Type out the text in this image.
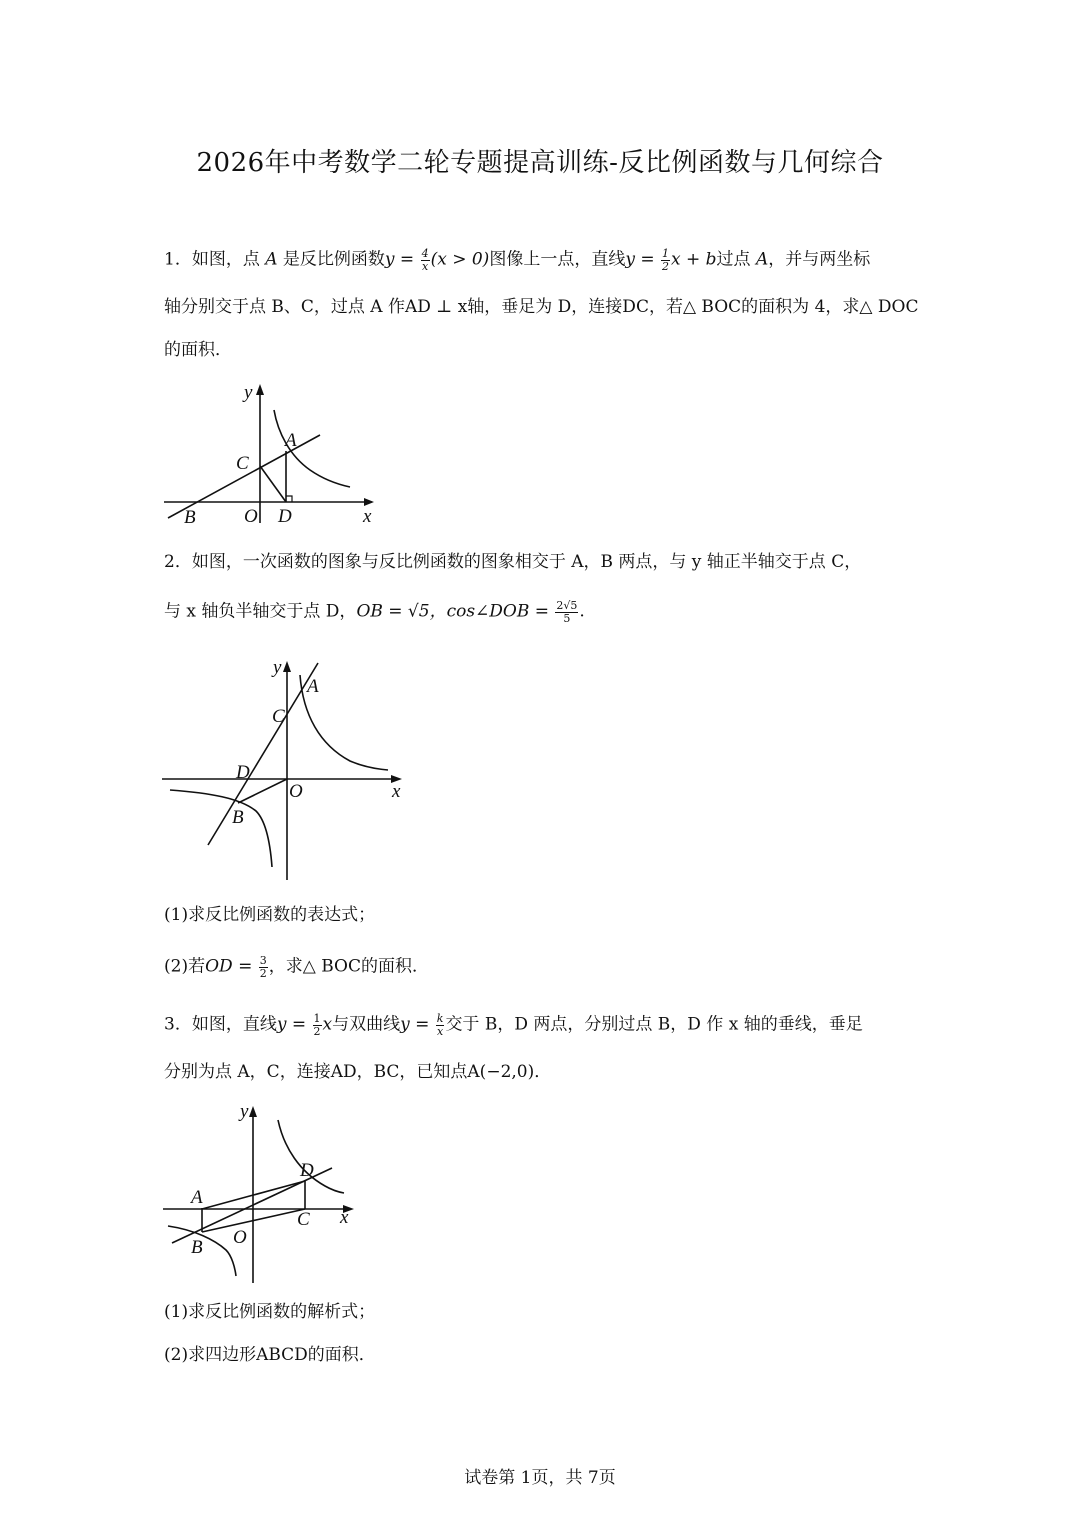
2026年中考数学二轮专题提高训练-反比例函数与几何综合
1．如图，点 A 是反比例函数$y = \frac{4}{x} (x > 0)$图像上一点，直线$y = \frac{1}{2}$ x + b过点 A，并与两坐标
轴分别交于点 B、C，过点 A 作AD ⊥ x轴，垂足为 D，连接DC，若△ BOC的面积为 4，求△ DOC
的面积．
y
x
A
C
B	O D
2．如图，一次函数的图象与反比例函数的图象相交于 A，B 两点，与 y 轴正半轴交于点 C，
与 x 轴负半轴交于点 D，OB = √5，cos∠DOB = $\frac{2√5}{5}$ .
y
x
A
C
D
O
B
(1)求反比例函数的表达式；
(2)若OD = $\frac{3}{2}$ ，求△ BOC的面积．
3．如图，直线$y = \frac{1}{2}$ x与双曲线$y = \frac{k}{x}$ 交于 B，D 两点，分别过点 B，D 作 x 轴的垂线，垂足
分别为点 A，C，连接AD，BC，已知点A(−2,0)．
y
x
A
B O
C
D
(1)求反比例函数的解析式；
(2)求四边形ABCD的面积．
试卷第 1页，共 7页
